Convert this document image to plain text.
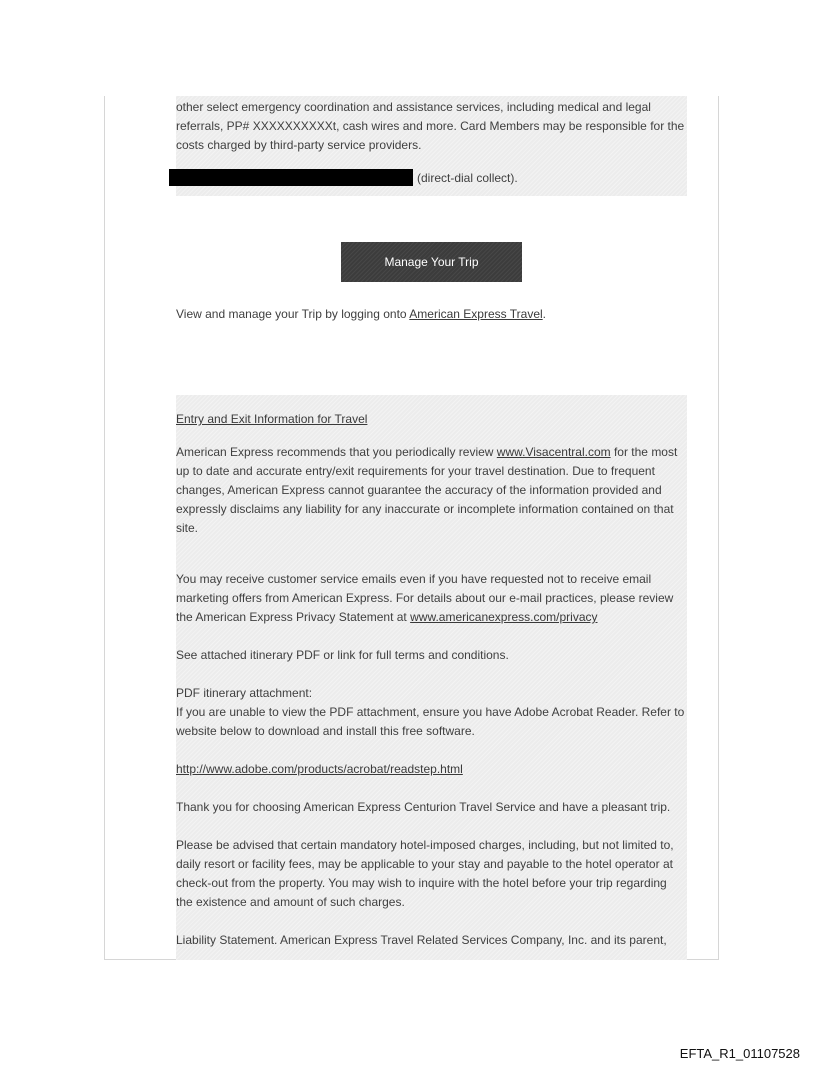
other select emergency coordination and assistance services, including medical and legal referrals, PP# XXXXXXXXXXt, cash wires and more. Card Members may be responsible for the costs charged by third-party service providers.

(direct-dial collect).
Manage Your Trip

View and manage your Trip by logging onto American Express Travel.

Entry and Exit Information for Travel

American Express recommends that you periodically review www.Visacentral.com for the most up to date and accurate entry/exit requirements for your travel destination. Due to frequent changes, American Express cannot guarantee the accuracy of the information provided and expressly disclaims any liability for any inaccurate or incomplete information contained on that site.

You may receive customer service emails even if you have requested not to receive email marketing offers from American Express. For details about our e-mail practices, please review the American Express Privacy Statement at www.americanexpress.com/privacy

See attached itinerary PDF or link for full terms and conditions.

PDF itinerary attachment:

If you are unable to view the PDF attachment, ensure you have Adobe Acrobat Reader. Refer to website below to download and install this free software.

http://www.adobe.com/products/acrobat/readstep.html

Thank you for choosing American Express Centurion Travel Service and have a pleasant trip.

Please be advised that certain mandatory hotel-imposed charges, including, but not limited to, daily resort or facility fees, may be applicable to your stay and payable to the hotel operator at check-out from the property. You may wish to inquire with the hotel before your trip regarding the existence and amount of such charges.

Liability Statement. American Express Travel Related Services Company, Inc. and its parent,

EFTA_R1_01107528
